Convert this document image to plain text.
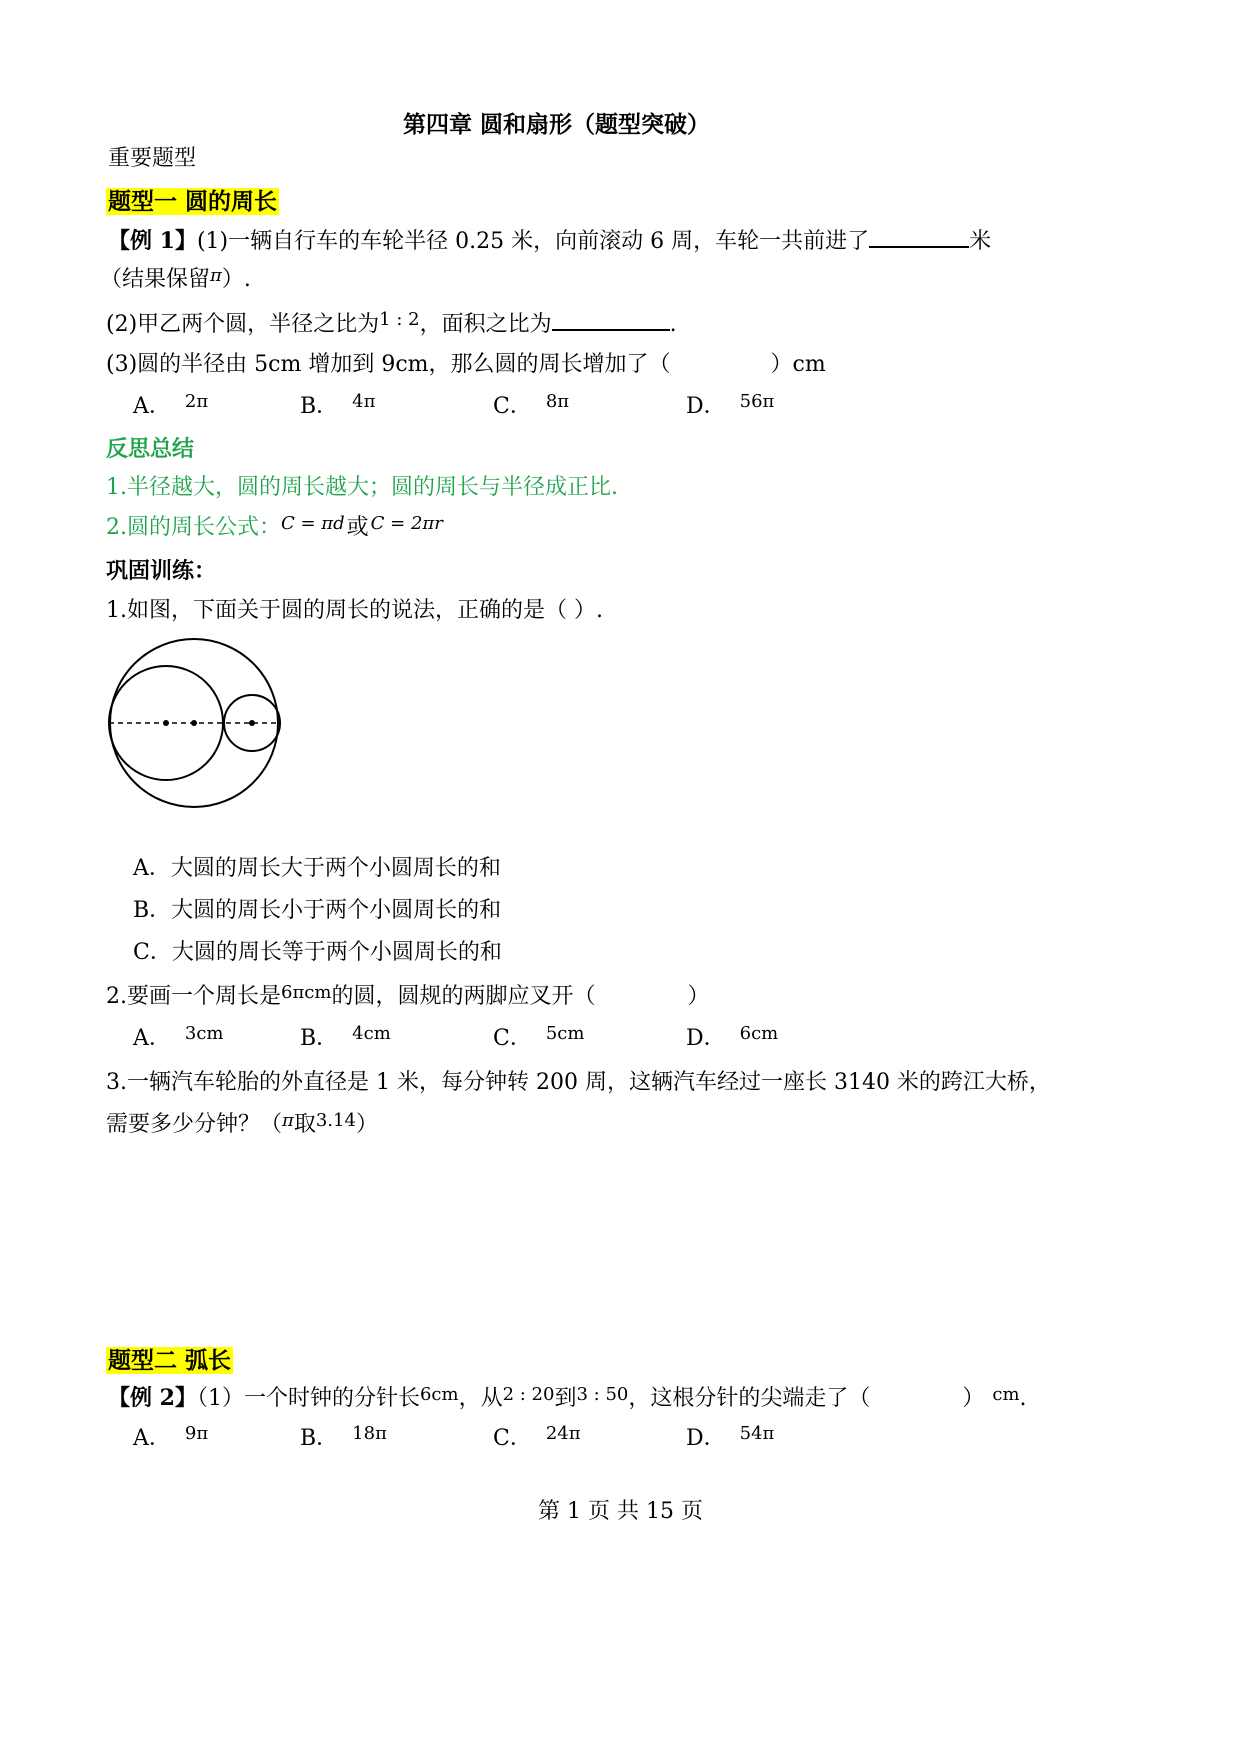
第四章 圆和扇形（题型突破）
重要题型
题型一 圆的周长
【例 1】(1)一辆自行车的车轮半径 0.25 米，向前滚动 6 周，车轮一共前进了	米
（结果保留$^\pi$）.
(2)甲乙两个圆，半径之比为$^{1 : 2}$，面积之比为	.
(3)圆的半径由 5cm 增加到 9cm，那么圆的周长增加了（	）cm
A． $^{2\pi}$	B． $^{4\pi}$	C． $^{8\pi}$	D． $^{56\pi}$
反思总结
1.半径越大，圆的周长越大；圆的周长与半径成正比.
2.圆的周长公式：$^{C = \pi d}$或 $^{C = 2\pi r}$
巩固训练：
1.如图，下面关于圆的周长的说法，正确的是（ ）.
A．大圆的周长大于两个小圆周长的和
B．大圆的周长小于两个小圆周长的和
C．大圆的周长等于两个小圆周长的和
2.要画一个周长是$^{6\pi cm}$的圆，圆规的两脚应叉开（	）
A． $^{3cm}$	B． $^{4cm}$	C． $^{5cm}$	D． $^{6cm}$
3.一辆汽车轮胎的外直径是 1 米，每分钟转 200 周，这辆汽车经过一座长 3140 米的跨江大桥，
需要多少分钟？（$^\pi$取$^{3.14}$）
题型二 弧长
【例 2】（1）一个时钟的分针长$^{6cm}$，从$^{2 : 20}$到$^{3 : 50}$，这根分针的尖端走了（	） $^{cm}$.
A． $^{9\pi}$	B． $^{18\pi}$	C． $^{24\pi}$	D． $^{54\pi}$
第 1 页 共 15 页
